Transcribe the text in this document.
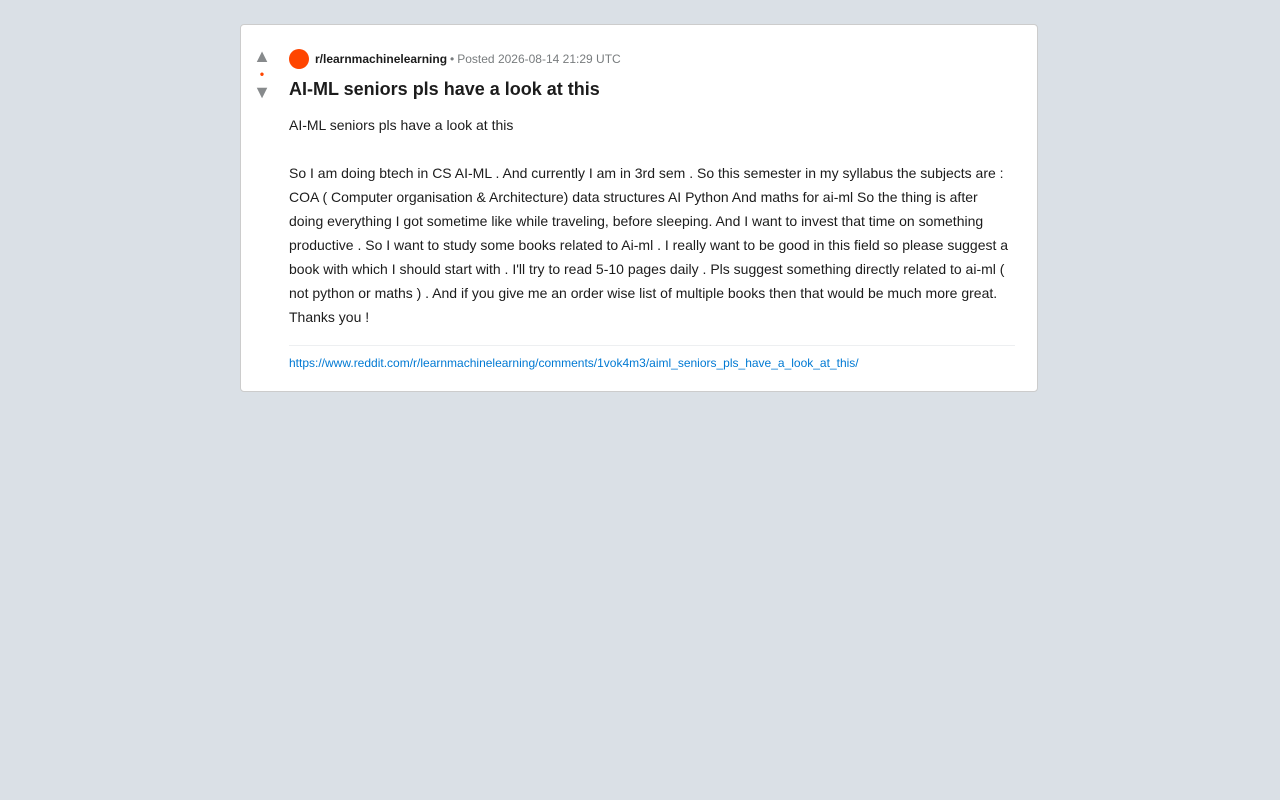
▲
•
▼
r/learnmachinelearning • Posted 2026-08-14 21:29 UTC
AI-ML seniors pls have a look at this

AI-ML seniors pls have a look at this

So I am doing btech in CS AI-ML . And currently I am in 3rd sem . So this semester in my syllabus the subjects are : COA ( Computer organisation & Architecture) data structures AI Python And maths for ai-ml So the thing is after doing everything I got sometime like while traveling, before sleeping. And I want to invest that time on something productive . So I want to study some books related to Ai-ml . I really want to be good in this field so please suggest a book with which I should start with . I'll try to read 5-10 pages daily . Pls suggest something directly related to ai-ml ( not python or maths ) . And if you give me an order wise list of multiple books then that would be much more great. Thanks you !

https://www.reddit.com/r/learnmachinelearning/comments/1vok4m3/aiml_seniors_pls_have_a_look_at_this/
